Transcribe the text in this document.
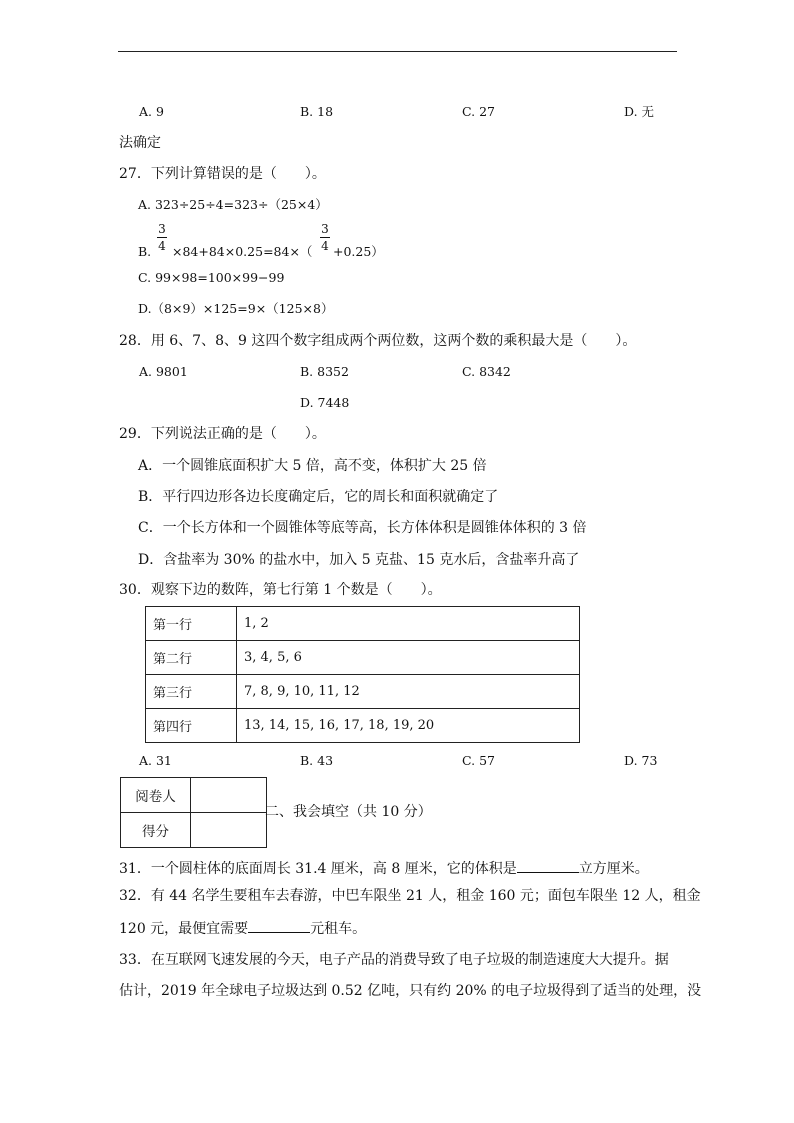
A. 9	B. 18	C. 27	D. 无
法确定
27．下列计算错误的是（　　）。
A. 323÷25÷4=323÷（25×4）
B.
3
4 ×84+84×0.25=84×（
3
4 +0.25）
C. 99×98=100×99−99
D.（8×9）×125=9×（125×8）
28．用 6、7、8、9 这四个数字组成两个两位数，这两个数的乘积最大是（　　）。
A. 9801	B. 8352	C. 8342
D. 7448
29．下列说法正确的是（　　）。
A．一个圆锥底面积扩大 5 倍，高不变，体积扩大 25 倍
B．平行四边形各边长度确定后，它的周长和面积就确定了
C．一个长方体和一个圆锥体等底等高，长方体体积是圆锥体体积的 3 倍
D．含盐率为 30% 的盐水中，加入 5 克盐、15 克水后，含盐率升高了
30．观察下边的数阵，第七行第 1 个数是（　　）。
第一行	1, 2
第二行	3, 4, 5, 6
第三行	7, 8, 9, 10, 11, 12
第四行	13, 14, 15, 16, 17, 18, 19, 20
A. 31	B. 43	C. 57	D. 73
阅卷人	
得分	
二、我会填空（共 10 分）
31．一个圆柱体的底面周长 31.4 厘米，高 8 厘米，它的体积是	立方厘米。
32．有 44 名学生要租车去春游，中巴车限坐 21 人，租金 160 元；面包车限坐 12 人，租金
120 元，最便宜需要	元租车。
33．在互联网飞速发展的今天，电子产品的消费导致了电子垃圾的制造速度大大提升。据
估计，2019 年全球电子垃圾达到 0.52 亿吨，只有约 20% 的电子垃圾得到了适当的处理，没
